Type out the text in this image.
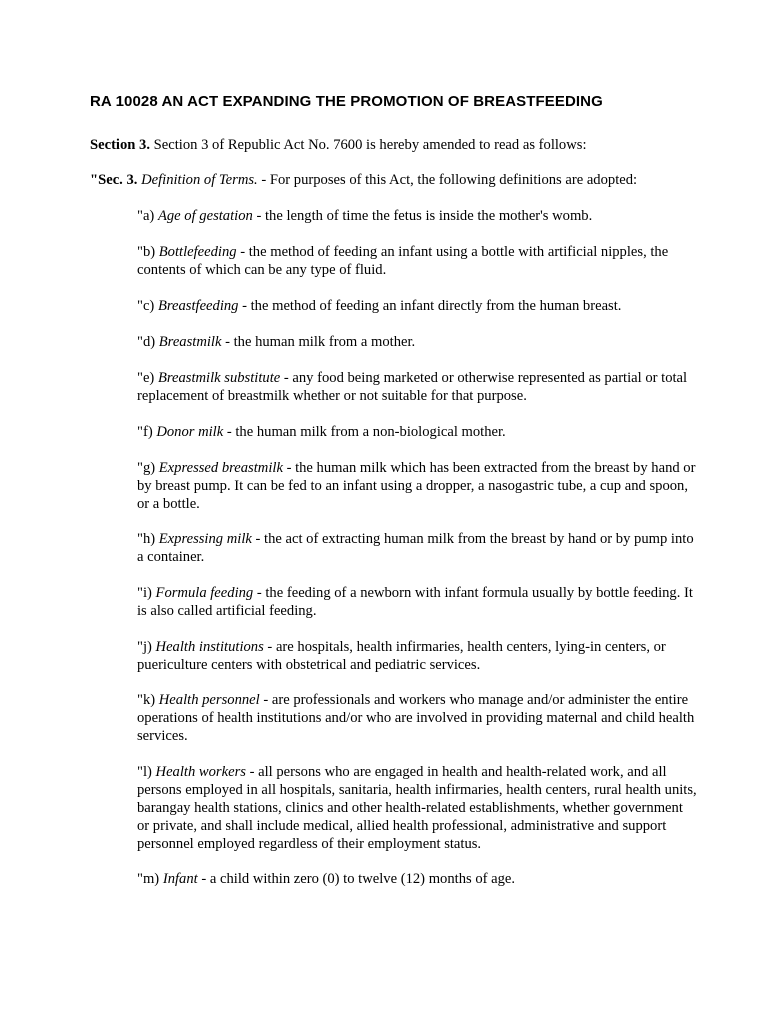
RA 10028 AN ACT EXPANDING THE PROMOTION OF BREASTFEEDING

Section 3. Section 3 of Republic Act No. 7600 is hereby amended to read as follows:

"Sec. 3. Definition of Terms. - For purposes of this Act, the following definitions are adopted:

"a) Age of gestation - the length of time the fetus is inside the mother's womb.

"b) Bottlefeeding - the method of feeding an infant using a bottle with artificial nipples, the contents of which can be any type of fluid.

"c) Breastfeeding - the method of feeding an infant directly from the human breast.

"d) Breastmilk - the human milk from a mother.

"e) Breastmilk substitute - any food being marketed or otherwise represented as partial or total replacement of breastmilk whether or not suitable for that purpose.

"f) Donor milk - the human milk from a non-biological mother.

"g) Expressed breastmilk - the human milk which has been extracted from the breast by hand or by breast pump. It can be fed to an infant using a dropper, a nasogastric tube, a cup and spoon, or a bottle.

"h) Expressing milk - the act of extracting human milk from the breast by hand or by pump into a container.

"i) Formula feeding - the feeding of a newborn with infant formula usually by bottle feeding. It is also called artificial feeding.

"j) Health institutions - are hospitals, health infirmaries, health centers, lying-in centers, or puericulture centers with obstetrical and pediatric services.

"k) Health personnel - are professionals and workers who manage and/or administer the entire operations of health institutions and/or who are involved in providing maternal and child health services.

"l) Health workers - all persons who are engaged in health and health-related work, and all persons employed in all hospitals, sanitaria, health infirmaries, health centers, rural health units, barangay health stations, clinics and other health-related establishments, whether government or private, and shall include medical, allied health professional, administrative and support personnel employed regardless of their employment status.

"m) Infant - a child within zero (0) to twelve (12) months of age.
